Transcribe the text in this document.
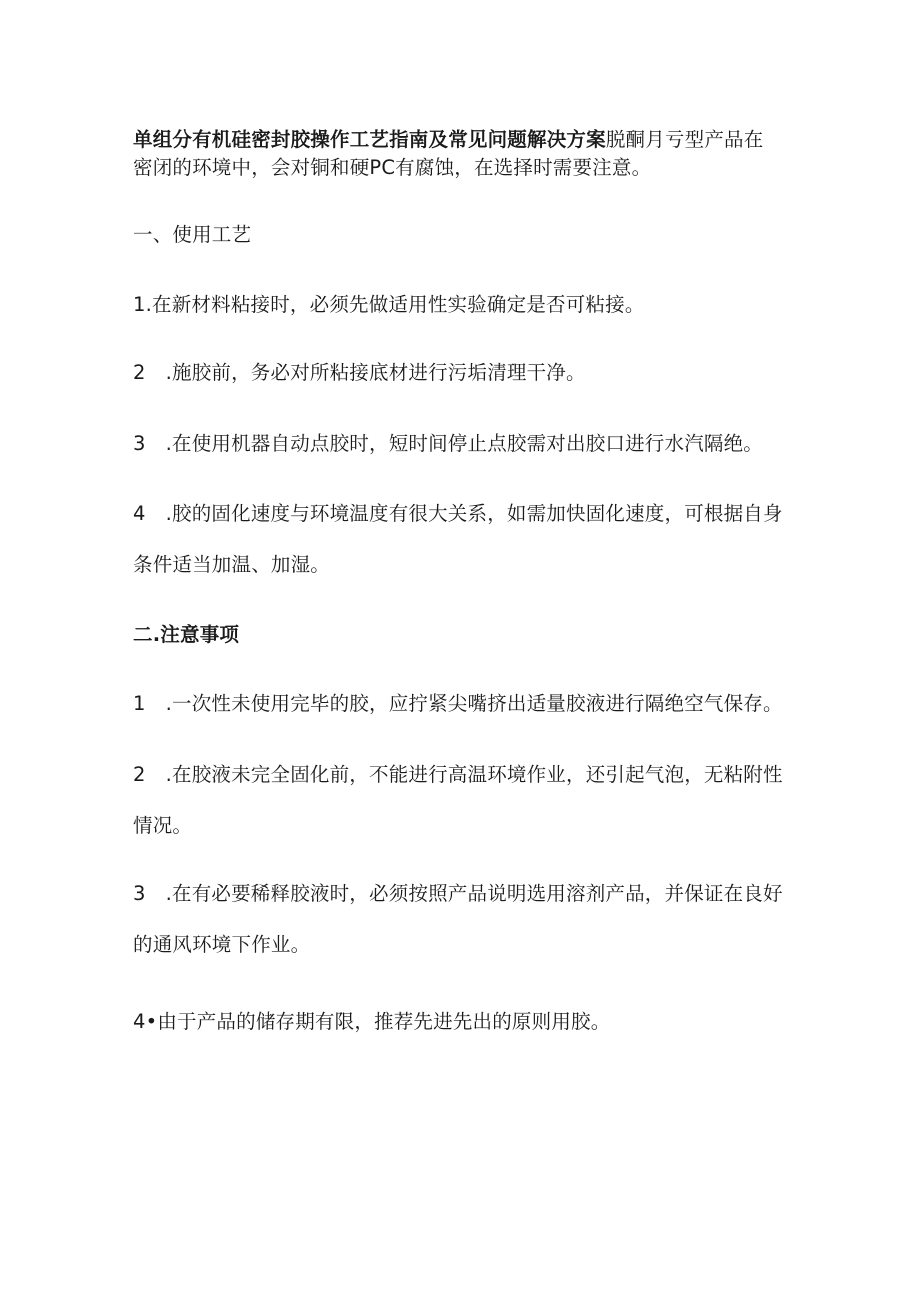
单组分有机硅密封胶操作工艺指南及常见问题解决方案脱酮月亏型产品在
密闭的环境中，会对铜和硬PC有腐蚀，在选择时需要注意。
一、使用工艺
1.在新材料粘接时，必须先做适用性实验确定是否可粘接。
2 .施胶前，务必对所粘接底材进行污垢清理干净。
3 .在使用机器自动点胶时，短时间停止点胶需对出胶口进行水汽隔绝。
4 .胶的固化速度与环境温度有很大关系，如需加快固化速度，可根据自身
条件适当加温、加湿。
二.注意事项
1 .一次性未使用完毕的胶，应拧紧尖嘴挤出适量胶液进行隔绝空气保存。
2 .在胶液未完全固化前，不能进行高温环境作业，还引起气泡，无粘附性
情况。
3 .在有必要稀释胶液时，必须按照产品说明选用溶剂产品，并保证在良好
的通风环境下作业。
4•由于产品的储存期有限，推荐先进先出的原则用胶。
